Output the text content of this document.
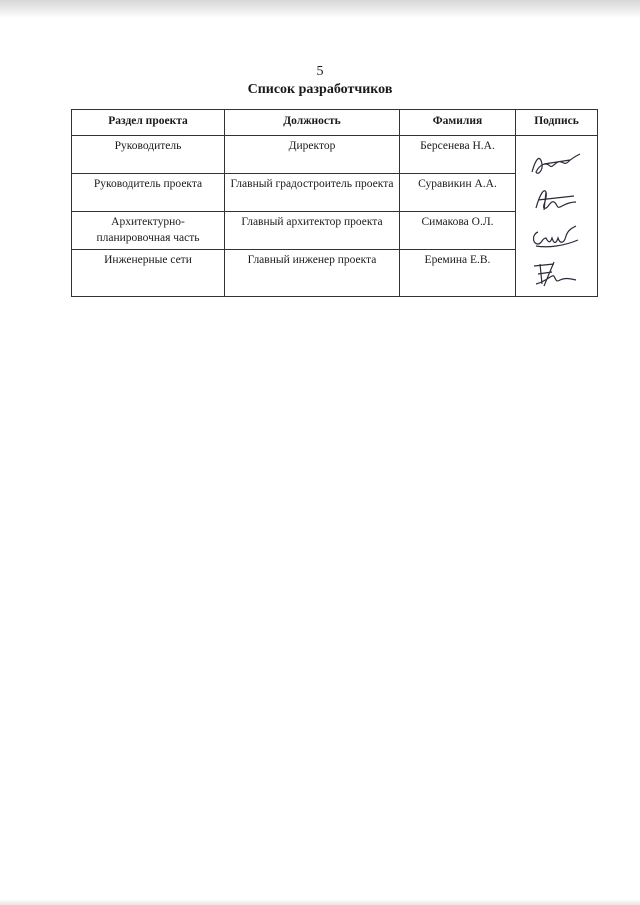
5
Список разработчиков
Раздел проекта	Должность	Фамилия	Подпись
Руководитель	Директор	Берсенева Н.А.	

Руководитель проекта	Главный градостроитель проекта	Суравикин А.А.	
Архитектурно-планировочная часть	Главный архитектор проекта	Симакова О.Л.	
Инженерные сети	Главный инженер проекта	Еремина Е.В.	
